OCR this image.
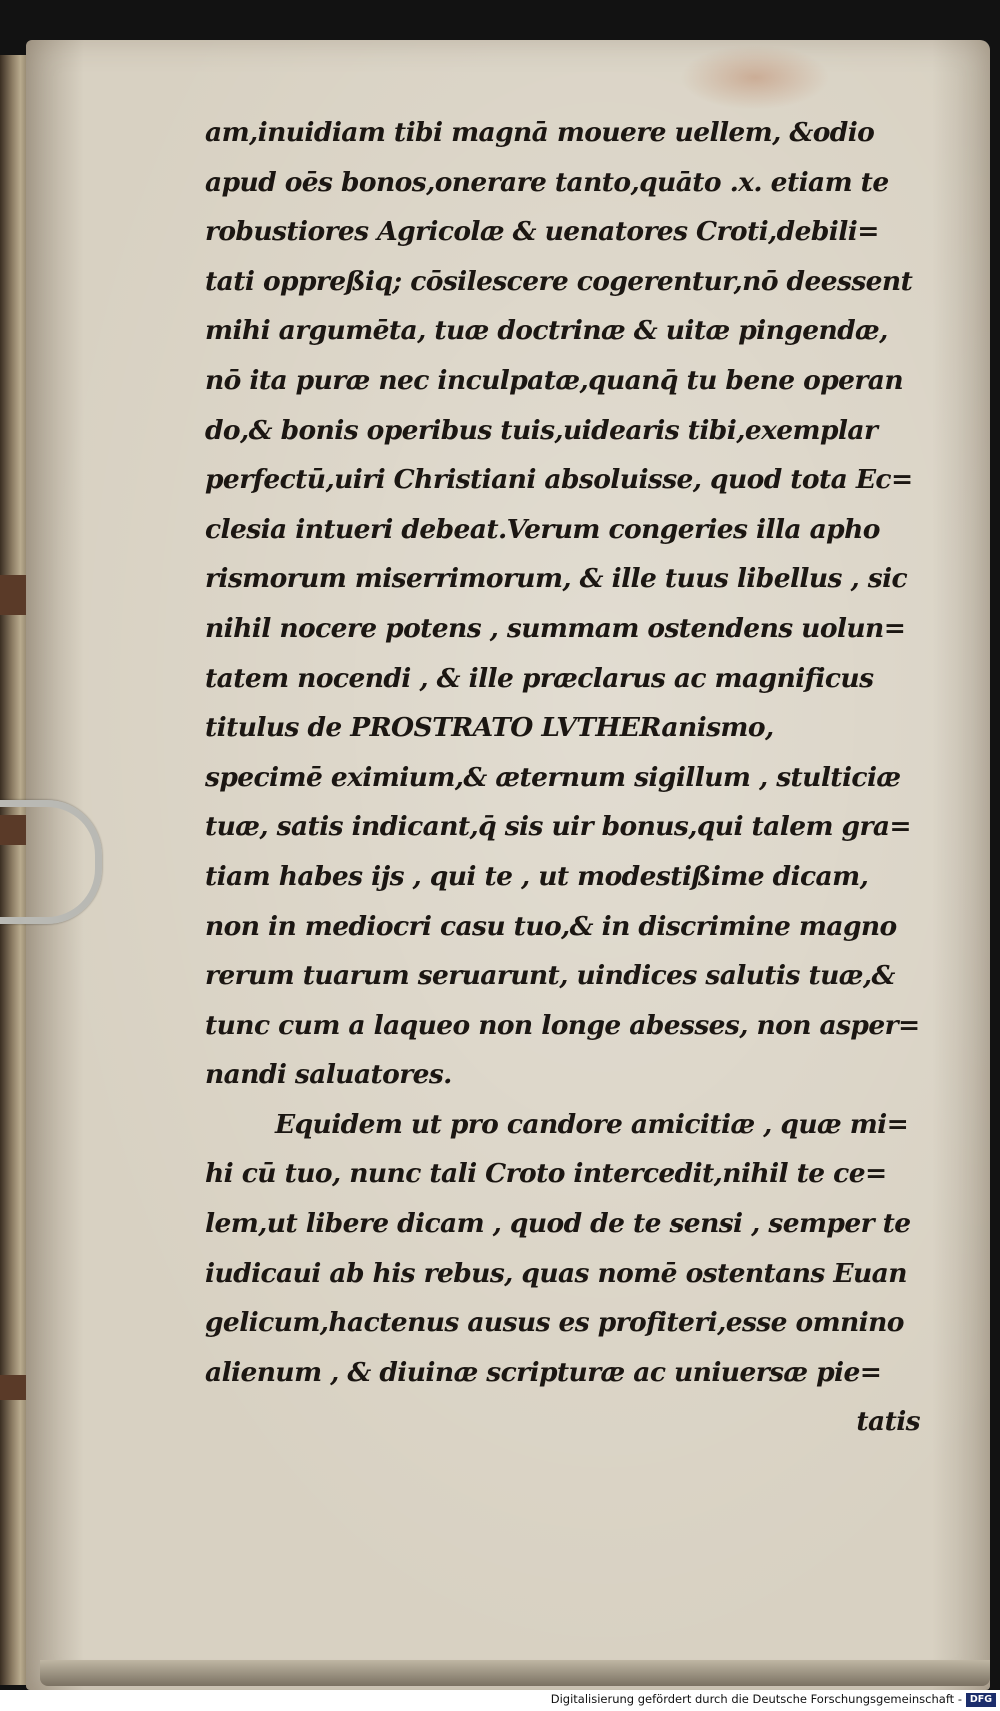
am,inuidiam tibi magnā mouere uellem, &odio
apud oēs bonos,onerare tanto,quāto .x. etiam te
robustiores Agricolæ & uenatores Croti,debili=
tati oppreßiq; cōsilescere cogerentur,nō deessent
mihi argumēta, tuæ doctrinæ & uitæ pingendæ,
nō ita puræ nec inculpatæ,quanq̄ tu bene operan
do,& bonis operibus tuis,uidearis tibi,exemplar
perfectū,uiri Christiani absoluisse, quod tota Ec=
clesia intueri debeat.Verum congeries illa apho
rismorum miserrimorum, & ille tuus libellus , sic
nihil nocere potens , summam ostendens uolun=
tatem nocendi , & ille præclarus ac magnificus
titulus de PROSTRATO LVTHERanismo,
specimē eximium,& æternum sigillum , stulticiæ
tuæ, satis indicant,q̄ sis uir bonus,qui talem gra=
tiam habes ijs , qui te , ut modestißime dicam,
non in mediocri casu tuo,& in discrimine magno
rerum tuarum seruarunt, uindices salutis tuæ,&
tunc cum a laqueo non longe abesses, non asper=
nandi saluatores.
Equidem ut pro candore amicitiæ , quæ mi=
hi cū tuo, nunc tali Croto intercedit,nihil te ce=
lem,ut libere dicam , quod de te sensi , semper te
iudicaui ab his rebus, quas nomē ostentans Euan
gelicum,hactenus ausus es profiteri,esse omnino
alienum , & diuinæ scripturæ ac uniuersæ pie=
tatis
Digitalisierung gefördert durch die Deutsche Forschungsgemeinschaft - DFG
